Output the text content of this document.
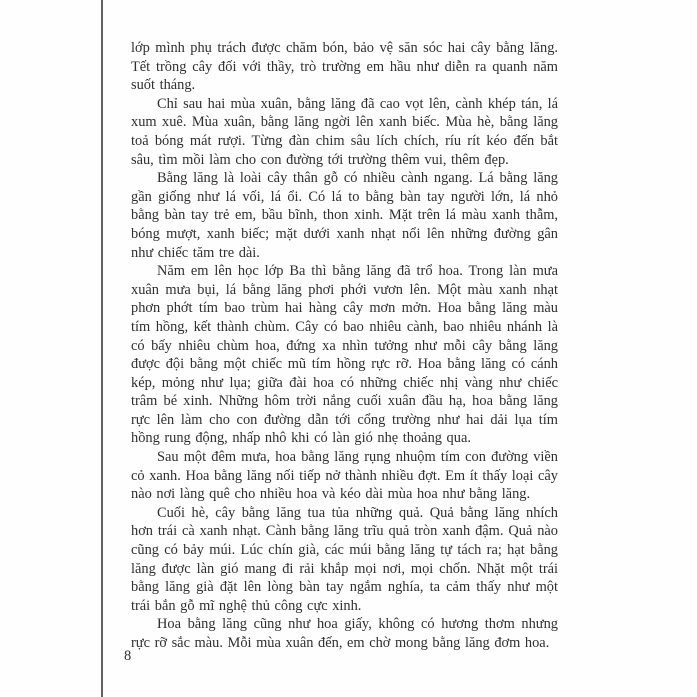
lớp mình phụ trách được chăm bón, bảo vệ săn sóc hai cây bằng lăng. Tết trồng cây đối với thầy, trò trường em hầu như diễn ra quanh năm suốt tháng.

Chỉ sau hai mùa xuân, bằng lăng đã cao vọt lên, cành khép tán, lá xum xuê. Mùa xuân, bằng lăng ngời lên xanh biếc. Mùa hè, bằng lăng toả bóng mát rượi. Từng đàn chim sâu lích chích, ríu rít kéo đến bắt sâu, tìm mồi làm cho con đường tới trường thêm vui, thêm đẹp.

Bằng lăng là loài cây thân gỗ có nhiều cành ngang. Lá bằng lăng gần giống như lá vối, lá ổi. Có lá to bằng bàn tay người lớn, lá nhỏ bằng bàn tay trẻ em, bầu bĩnh, thon xinh. Mặt trên lá màu xanh thẫm, bóng mượt, xanh biếc; mặt dưới xanh nhạt nổi lên những đường gân như chiếc tăm tre dài.

Năm em lên học lớp Ba thì bằng lăng đã trổ hoa. Trong làn mưa xuân mưa bụi, lá bằng lăng phơi phới vươn lên. Một màu xanh nhạt phơn phớt tím bao trùm hai hàng cây mơn mởn. Hoa bằng lăng màu tím hồng, kết thành chùm. Cây có bao nhiêu cành, bao nhiêu nhánh là có bấy nhiêu chùm hoa, đứng xa nhìn tưởng như mỗi cây bằng lăng được đội bằng một chiếc mũ tím hồng rực rỡ. Hoa bằng lăng có cánh kép, mỏng như lụa; giữa đài hoa có những chiếc nhị vàng như chiếc trâm bé xinh. Những hôm trời nắng cuối xuân đầu hạ, hoa bằng lăng rực lên làm cho con đường dẫn tới cổng trường như hai dải lụa tím hồng rung động, nhấp nhô khi có làn gió nhẹ thoảng qua.

Sau một đêm mưa, hoa bằng lăng rụng nhuộm tím con đường viền cỏ xanh. Hoa bằng lăng nối tiếp nở thành nhiều đợt. Em ít thấy loại cây nào nơi làng quê cho nhiều hoa và kéo dài mùa hoa như bằng lăng.

Cuối hè, cây bằng lăng tua tủa những quả. Quả bằng lăng nhích hơn trái cà xanh nhạt. Cành bằng lăng trĩu quả tròn xanh đậm. Quả nào cũng có bảy múi. Lúc chín già, các múi bằng lăng tự tách ra; hạt bằng lăng được làn gió mang đi rải khắp mọi nơi, mọi chốn. Nhặt một trái bằng lăng già đặt lên lòng bàn tay ngắm nghía, ta cảm thấy như một trái bắn gỗ mĩ nghệ thủ công cực xinh.

Hoa bằng lăng cũng như hoa giấy, không có hương thơm nhưng rực rỡ sắc màu. Mỗi mùa xuân đến, em chờ mong bằng lăng đơm hoa.

8
